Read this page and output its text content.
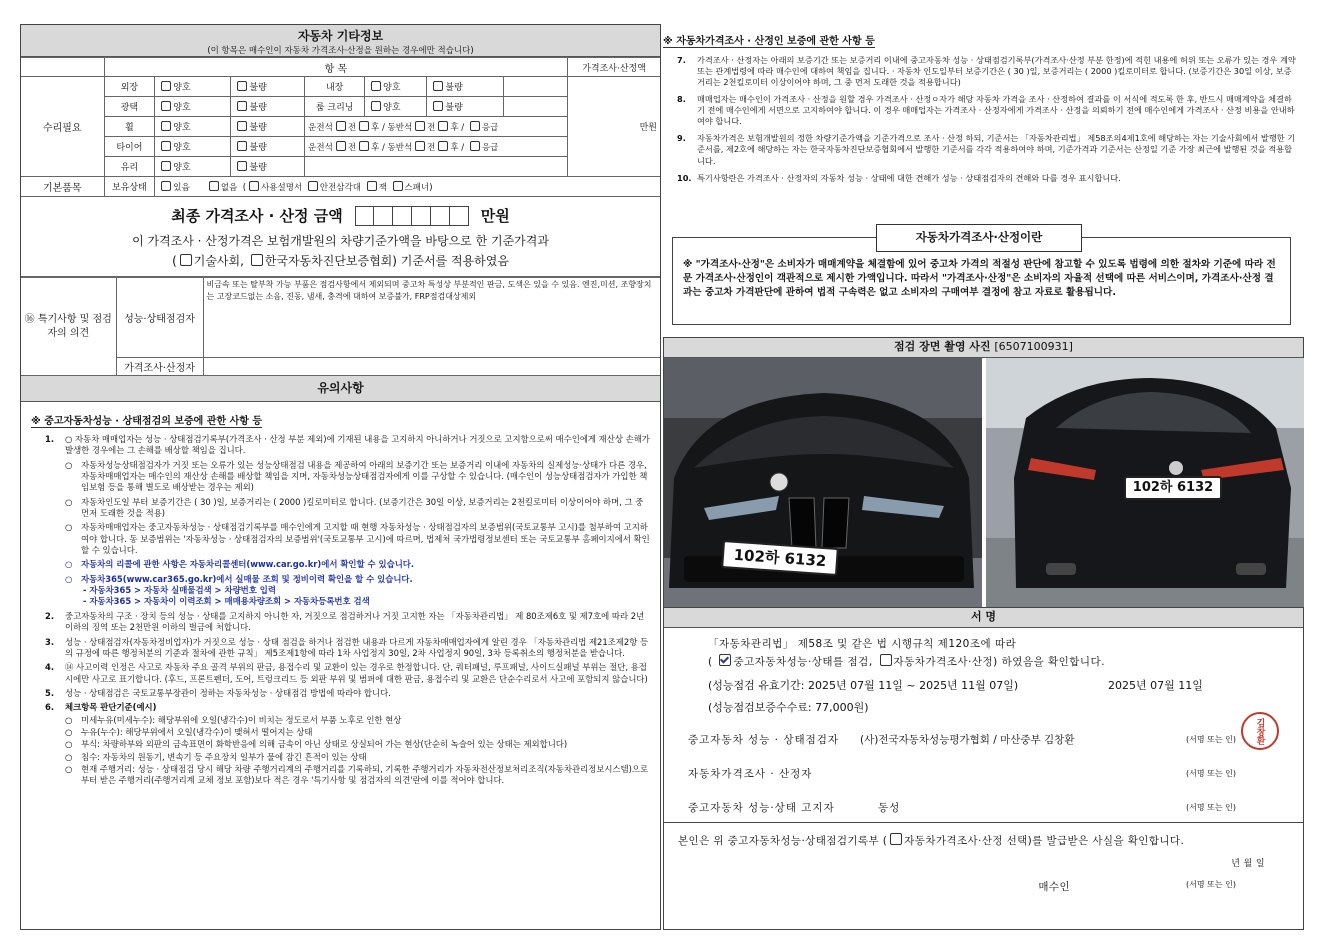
자동차 기타정보
(이 항목은 매수인이 자동차 가격조사·산정을 원하는 경우에만 적습니다)
	항 목							가격조사·산정액
수리필요	외장	양호	불량	내장	양호	불량		만원
	광택	양호	불량	룸 크리닝	양호	불량		
	휠	양호	불량	운전석 전 후 / 동반석 전 후 / 응급				
	타이어	양호	불량	운전석 전 후 / 동반석 전 후 / 응급				
	유리	양호	불량					
기본품목	보유상태	있음 없음  ( 사용설명서 안전삼각대 잭 스패너)						
최종 가격조사 · 산정 금액	만원
이 가격조사 · 산정가격은 보험개발원의 차량기준가액을 바탕으로 한 기준가격과
( 기술사회, 한국자동차진단보증협회) 기준서를 적용하였음
⑯ 특기사항 및 점검자의 의견	성능·상태점검자	비금속 또는 탈부착 가능 부품은 점검사항에서 제외되며 중고차 특성상 부분적인 판금, 도색은 있을 수 있음. 엔진,미션, 조향장치는 고장코드없는 소음, 진동, 냄새, 충격에 대하여 보증불가, FRP점검대상제외
	가격조사·산정자	
유의사항
※ 중고자동차성능 · 상태점검의 보증에 관한 사항 등
1.	○ 자동차 매매업자는 성능 · 상태점검기록부(가격조사 · 산정 부분 제외)에 기재된 내용을 고지하지 아니하거나 거짓으로 고지함으로써 매수인에게 재산상 손해가 발생한 경우에는 그 손해를 배상할 책임을 집니다.
○	자동차성능상태점검자가 거짓 또는 오류가 있는 성능상태점검 내용을 제공하여 아래의 보증기간 또는 보증거리 이내에 자동차의 실제성능·상태가 다른 경우, 자동차매매업자는 매수인의 재산상 손해를 배상할 책임을 지며, 자동차성능상태점검자에게 이를 구상할 수 있습니다. (매수인이 성능상태점검자가 가입한 책임보험 등을 통해 별도로 배상받는 경우는 제외)
○	자동차인도일 부터 보증기간은 ( 30 )일, 보증거리는 ( 2000 )킬로미터로 합니다. (보증기간은 30일 이상, 보증거리는 2천킬로미터 이상이어야 하며, 그 중 먼저 도래한 것을 적용)
○	자동차매매업자는 중고자동차성능 · 상태점검기록부를 매수인에게 고지할 때 현행 자동차성능 · 상태점검자의 보증범위(국토교통부 고시)를 첨부하여 고지하여야 합니다. 동 보증범위는 '자동차성능 · 상태점검자의 보증범위'(국토교통부 고시)에 따르며, 법제처 국가법령정보센터 또는 국토교통부 홈페이지에서 확인할 수 있습니다.
○	자동차의 리콜에 관한 사항은 자동차리콜센터(www.car.go.kr)에서 확인할 수 있습니다.
○	자동차365(www.car365.go.kr)에서 실매물 조회 및 정비이력 확인을 할 수 있습니다.
- 자동차365 > 자동차 실매물검색 > 차량번호 입력
- 자동차365 > 자동차이 이력조회 > 매매용차량조회 > 자동차등록번호 검색
2.	중고자동차의 구조 · 장치 등의 성능 · 상태를 고지하지 아니한 자, 거짓으로 점검하거나 거짓 고지한 자는 「자동차관리법」 제 80조제6호 및 제7호에 따라 2년 이하의 징역 또는 2천만원 이하의 벌금에 처합니다.
3.	성능 · 상태점검자(자동차정비업자)가 거짓으로 성능 · 상태 점검을 하거나 점검한 내용과 다르게 자동차매매업자에게 알린 경우 「자동차관리법 제21조제2항 등의 규정에 따른 행정처분의 기준과 절차에 관한 규칙」 제5조제1항에 따라 1차 사업정지 30일, 2차 사업정지 90일, 3차 등록취소의 행정처분을 받습니다.
4.	⑭ 사고이력 인정은 사고로 자동차 주요 골격 부위의 판금, 용접수리 및 교환이 있는 경우로 한정합니다. 단, 쿼터패널, 루프패널, 사이드실패널 부위는 절단, 용접 시에만 사고로 표기합니다. (후드, 프론트펜더, 도어, 트렁크리드 등 외판 부위 및 범퍼에 대한 판금, 용접수리 및 교환은 단순수리로서 사고에 포함되지 않습니다)
5.	성능 · 상태점검은 국토교통부장관이 정하는 자동차성능 · 상태점검 방법에 따라야 합니다.
6.	체크항목 판단기준(예시)
○	미세누유(미세누수): 해당부위에 오일(냉각수)이 비치는 정도로서 부품 노후로 인한 현상
○	누유(누수): 해당부위에서 오일(냉각수)이 맺혀서 떨어지는 상태
○	부식: 차량하부와 외판의 금속표면이 화학반응에 의해 금속이 아닌 상태로 상실되어 가는 현상(단순히 녹슬어 있는 상태는 제외합니다)
○	침수: 자동차의 원동기, 변속기 등 주요장치 일부가 물에 잠긴 흔적이 있는 상태
○	현재 주행거리: 성능 · 상태점검 당시 해당 차량 주행거리계의 주행거리를 기록하되, 기록한 주행거리가 자동차전산정보처리조직(자동차관리정보시스템)으로부터 받은 주행거리(주행거리계 교체 정보 포함)보다 적은 경우 '특기사항 및 점검자의 의견'란에 이를 적어야 합니다.
※ 자동차가격조사 · 산정인 보증에 관한 사항 등
7.	가격조사 · 산정자는 아래의 보증기간 또는 보증거리 이내에 중고자동차 성능 · 상태점검기록부(가격조사·산정 부분 한정)에 적힌 내용에 허위 또는 오류가 있는 경우 계약 또는 관계법령에 따라 매수인에 대하여 책임을 집니다. · 자동차 인도일부터 보증기간은 ( 30 )일, 보증거리는 ( 2000 )킬로미터로 합니다. (보증기간은 30일 이상, 보증거리는 2천킬로미터 이상이어야 하며, 그 중 먼저 도래한 것을 적용합니다)
8.	매매업자는 매수인이 가격조사 · 산정을 원할 경우 가격조사 · 산정ㅇ자가 해당 자동차 가격을 조사 · 산정하여 결과를 이 서식에 적도록 한 후, 반드시 매매계약을 체결하기 전에 매수인에게 서면으로 고지하여야 합니다. 이 경우 매매업자는 가격조사 · 산정자에게 가격조사 · 산정을 의뢰하기 전에 매수인에게 가격조사 · 산정 비용을 안내하여야 합니다.
9.	자동차가격은 보험개발원의 정한 차량기준가액을 기준가격으로 조사 · 산정 하되, 기준서는 「자동차관리법」 제58조의4제1호에 해당하는 자는 기술사회에서 발행한 기준서를, 제2호에 해당하는 자는 한국자동차진단보증협회에서 발행한 기준서를 각각 적용하여야 하며, 기준가격과 기준서는 산정일 기준 가장 최근에 발행된 것을 적용합니다.
10. 특기사항란은 가격조사 · 산정자의 자동차 성능 · 상태에 대한 견해가 성능 · 상태점검자의 견해와 다를 경우 표시합니다.
자동차가격조사·산정이란
※ "가격조사·산정"은 소비자가 매매계약을 체결함에 있어 중고차 가격의 적절성 판단에 참고할 수 있도록 법령에 의한 절차와 기준에 따라 전문 가격조사·산정인이 객관적으로 제시한 가액입니다. 따라서 "가격조사·산정"은 소비자의 자율적 선택에 따른 서비스이며, 가격조사·산정 결과는 중고차 가격판단에 관하여 법적 구속력은 없고 소비자의 구매여부 결정에 참고 자료로 활용됩니다.
점검 장면 촬영 사진 [6507100931]
102하 6132
102하 6132
서 명
「자동차관리법」 제58조 및 같은 법 시행규칙 제120조에 따라
( 중고자동차성능·상태를 점검, 자동차가격조사·산정) 하였음을 확인합니다.
(성능점검 유효기간: 2025년 07월 11일 ~ 2025년 11월 07일)	2025년 07월 11일
(성능점검보증수수료: 77,000원)
중고자동차 성능 · 상태점검자	(사)전국자동차성능평가협회 / 마산중부 김창환	(서명 또는 인)
자동차가격조사 · 산정자	(서명 또는 인)
중고자동차 성능·상태 고지자	동성	(서명 또는 인)
김창환
본인은 위 중고자동차성능·상태점검기록부 ( 자동차가격조사·산정 선택)를 발급받은 사실을 확인합니다.
년 월 일
매수인	(서명 또는 인)
